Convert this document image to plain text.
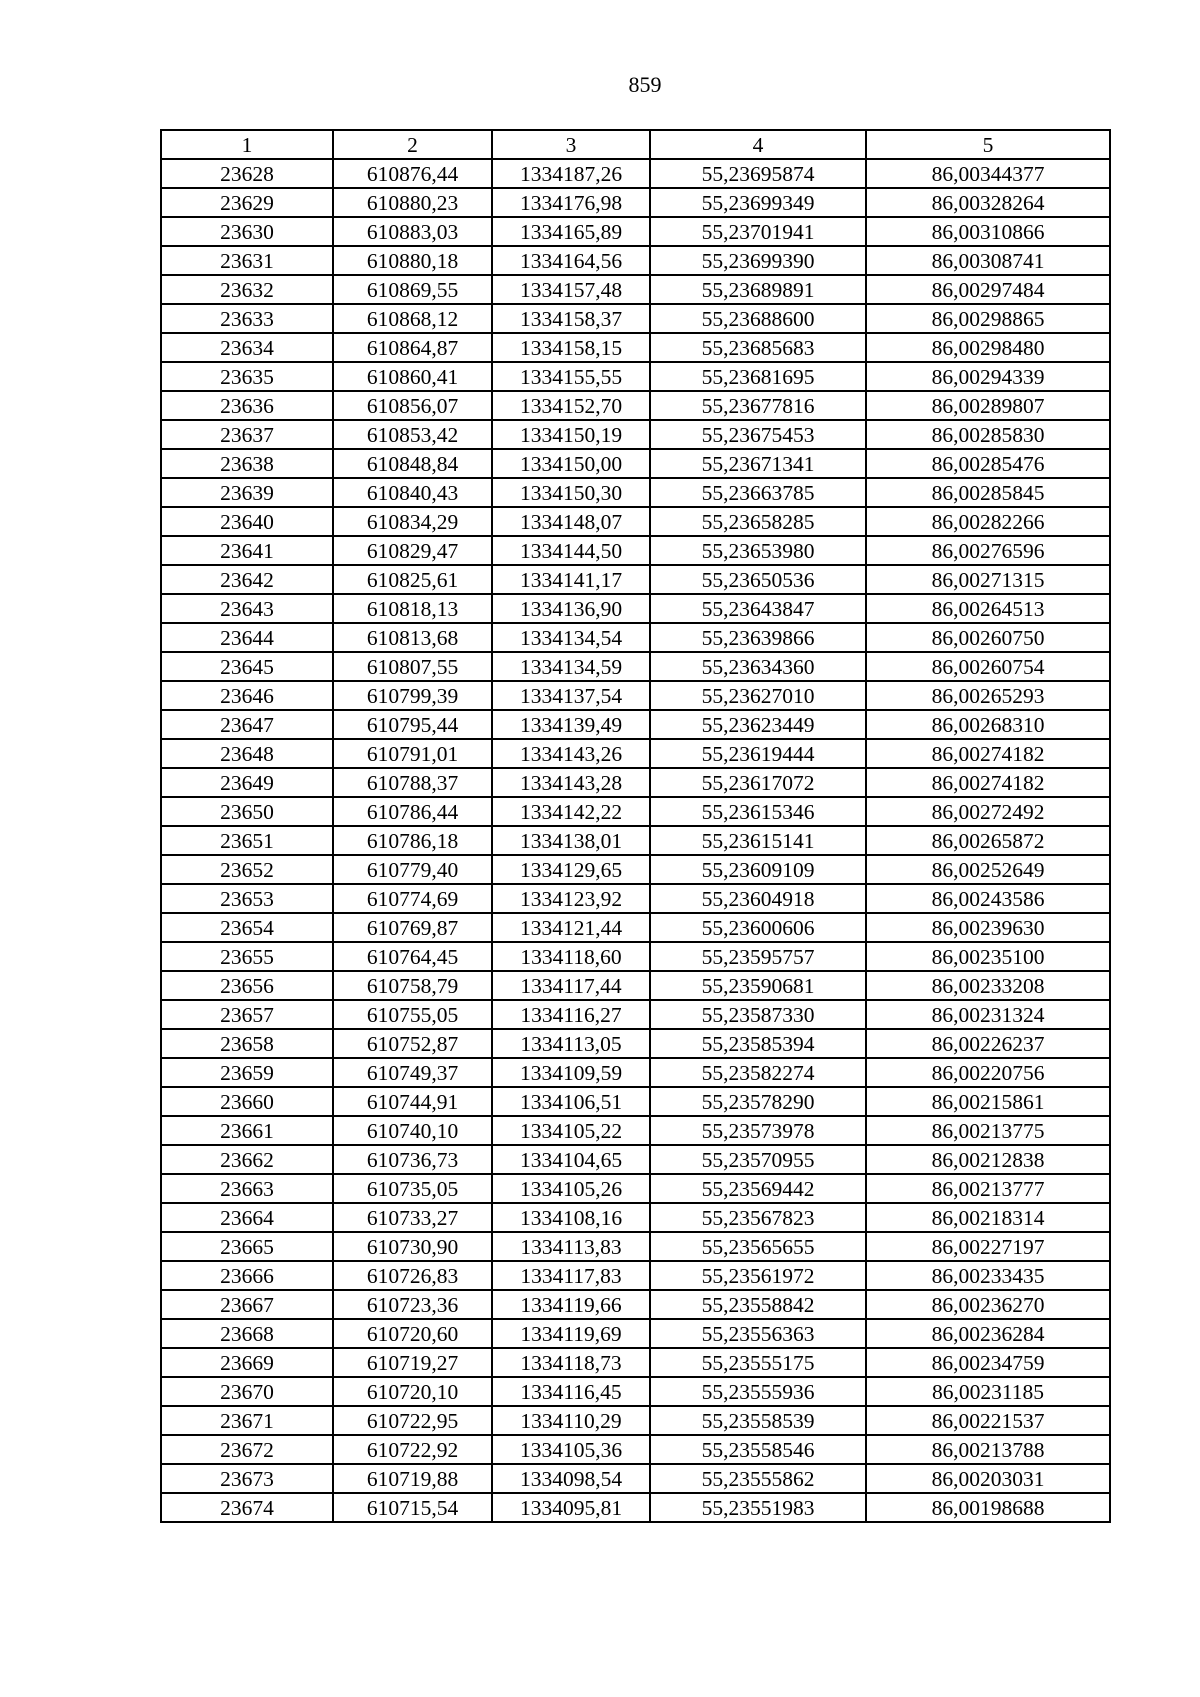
859
1	2	3	4	5
23628	610876,44	1334187,26	55,23695874	86,00344377
23629	610880,23	1334176,98	55,23699349	86,00328264
23630	610883,03	1334165,89	55,23701941	86,00310866
23631	610880,18	1334164,56	55,23699390	86,00308741
23632	610869,55	1334157,48	55,23689891	86,00297484
23633	610868,12	1334158,37	55,23688600	86,00298865
23634	610864,87	1334158,15	55,23685683	86,00298480
23635	610860,41	1334155,55	55,23681695	86,00294339
23636	610856,07	1334152,70	55,23677816	86,00289807
23637	610853,42	1334150,19	55,23675453	86,00285830
23638	610848,84	1334150,00	55,23671341	86,00285476
23639	610840,43	1334150,30	55,23663785	86,00285845
23640	610834,29	1334148,07	55,23658285	86,00282266
23641	610829,47	1334144,50	55,23653980	86,00276596
23642	610825,61	1334141,17	55,23650536	86,00271315
23643	610818,13	1334136,90	55,23643847	86,00264513
23644	610813,68	1334134,54	55,23639866	86,00260750
23645	610807,55	1334134,59	55,23634360	86,00260754
23646	610799,39	1334137,54	55,23627010	86,00265293
23647	610795,44	1334139,49	55,23623449	86,00268310
23648	610791,01	1334143,26	55,23619444	86,00274182
23649	610788,37	1334143,28	55,23617072	86,00274182
23650	610786,44	1334142,22	55,23615346	86,00272492
23651	610786,18	1334138,01	55,23615141	86,00265872
23652	610779,40	1334129,65	55,23609109	86,00252649
23653	610774,69	1334123,92	55,23604918	86,00243586
23654	610769,87	1334121,44	55,23600606	86,00239630
23655	610764,45	1334118,60	55,23595757	86,00235100
23656	610758,79	1334117,44	55,23590681	86,00233208
23657	610755,05	1334116,27	55,23587330	86,00231324
23658	610752,87	1334113,05	55,23585394	86,00226237
23659	610749,37	1334109,59	55,23582274	86,00220756
23660	610744,91	1334106,51	55,23578290	86,00215861
23661	610740,10	1334105,22	55,23573978	86,00213775
23662	610736,73	1334104,65	55,23570955	86,00212838
23663	610735,05	1334105,26	55,23569442	86,00213777
23664	610733,27	1334108,16	55,23567823	86,00218314
23665	610730,90	1334113,83	55,23565655	86,00227197
23666	610726,83	1334117,83	55,23561972	86,00233435
23667	610723,36	1334119,66	55,23558842	86,00236270
23668	610720,60	1334119,69	55,23556363	86,00236284
23669	610719,27	1334118,73	55,23555175	86,00234759
23670	610720,10	1334116,45	55,23555936	86,00231185
23671	610722,95	1334110,29	55,23558539	86,00221537
23672	610722,92	1334105,36	55,23558546	86,00213788
23673	610719,88	1334098,54	55,23555862	86,00203031
23674	610715,54	1334095,81	55,23551983	86,00198688
